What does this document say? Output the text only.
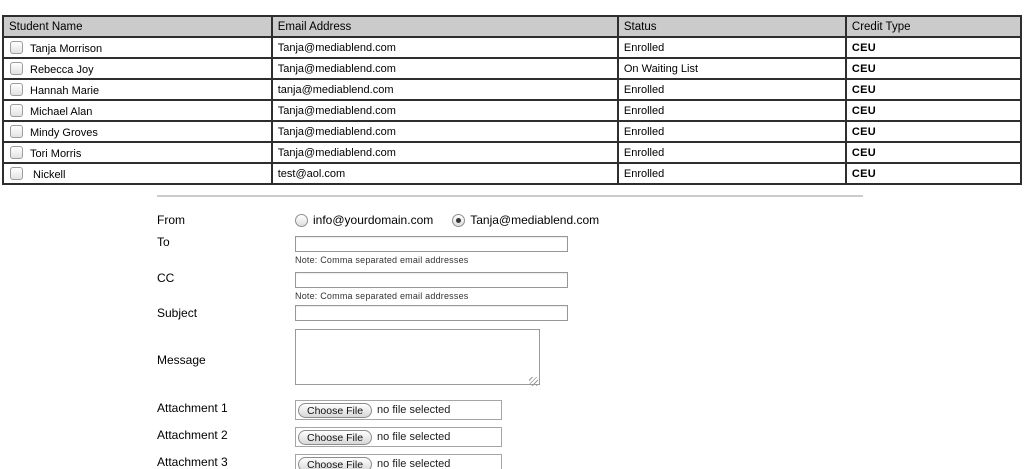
Student Name	Email Address	Status	Credit Type
Tanja Morrison	Tanja@mediablend.com	Enrolled	CEU
Rebecca Joy	Tanja@mediablend.com	On Waiting List	CEU
Hannah Marie	tanja@mediablend.com	Enrolled	CEU
Michael Alan	Tanja@mediablend.com	Enrolled	CEU
Mindy Groves	Tanja@mediablend.com	Enrolled	CEU
Tori Morris	Tanja@mediablend.com	Enrolled	CEU
Nickell	test@aol.com	Enrolled	CEU
From	info@yourdomain.com	Tanja@mediablend.com
To
Note: Comma separated email addresses
CC
Note: Comma separated email addresses
Subject
Message
Attachment 1	Choose File	no file selected
Attachment 2	Choose File	no file selected
Attachment 3	Choose File	no file selected
